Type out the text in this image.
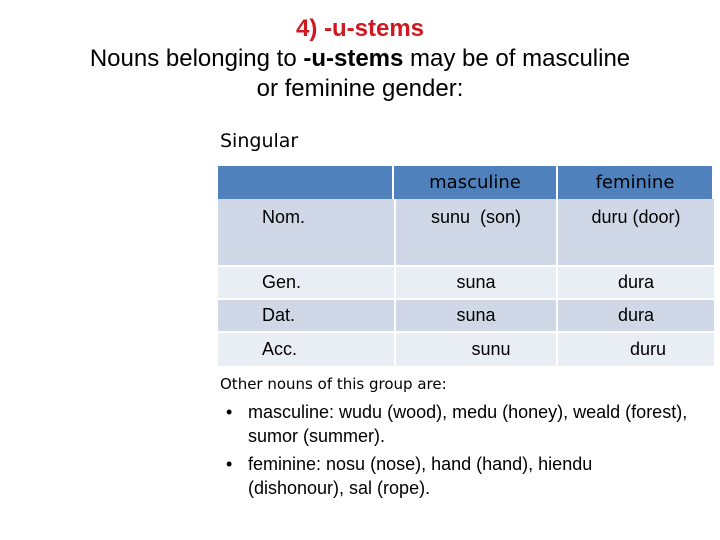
4) -u-stems
Nouns belonging to -u-stems may be of masculine
or feminine gender:
Singular
	masculine	feminine
Nom.	sunu  (son)	duru (door)
Gen.	suna	dura
Dat.	suna	dura
Acc.	sunu	duru
Other nouns of this group are:
• masculine: wudu (wood), medu (honey), weald (forest), sumor (summer).
• feminine: nosu (nose), hand (hand), hiendu (dishonour), sal (rope).
